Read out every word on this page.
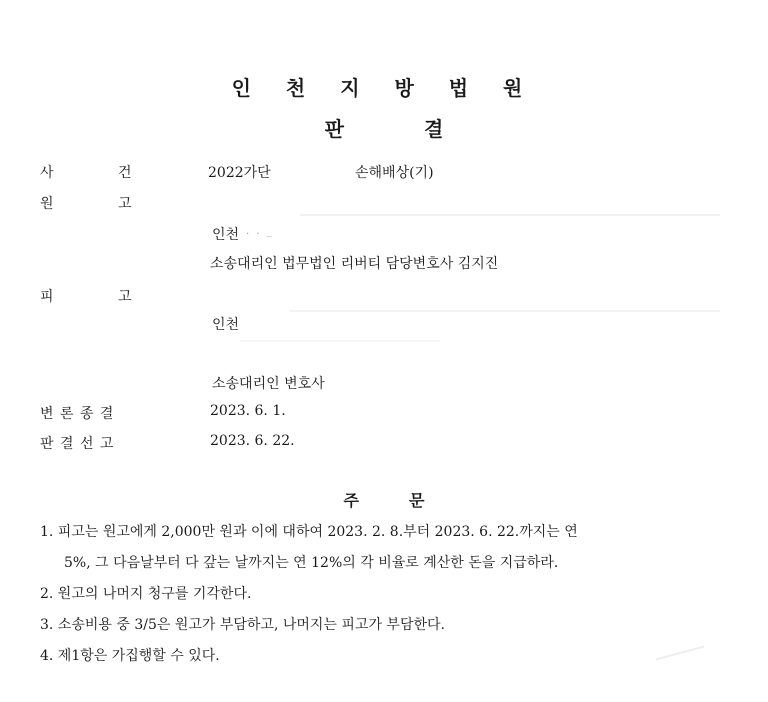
인 천 지 방 법 원
판	결
사	건	2022가단	손해배상(기)
원	고
인천 . . _
소송대리인 법무법인 리버티 담당변호사 김지진
피	고
인천
소송대리인 변호사
변 론 종 결	2023. 6. 1.
판 결 선 고	2023. 6. 22.
주	문
1. 피고는 원고에게 2,000만 원과 이에 대하여 2023. 2. 8.부터 2023. 6. 22.까지는 연
5%, 그 다음날부터 다 갚는 날까지는 연 12%의 각 비율로 계산한 돈을 지급하라.
2. 원고의 나머지 청구를 기각한다.
3. 소송비용 중 3/5은 원고가 부담하고, 나머지는 피고가 부담한다.
4. 제1항은 가집행할 수 있다.
